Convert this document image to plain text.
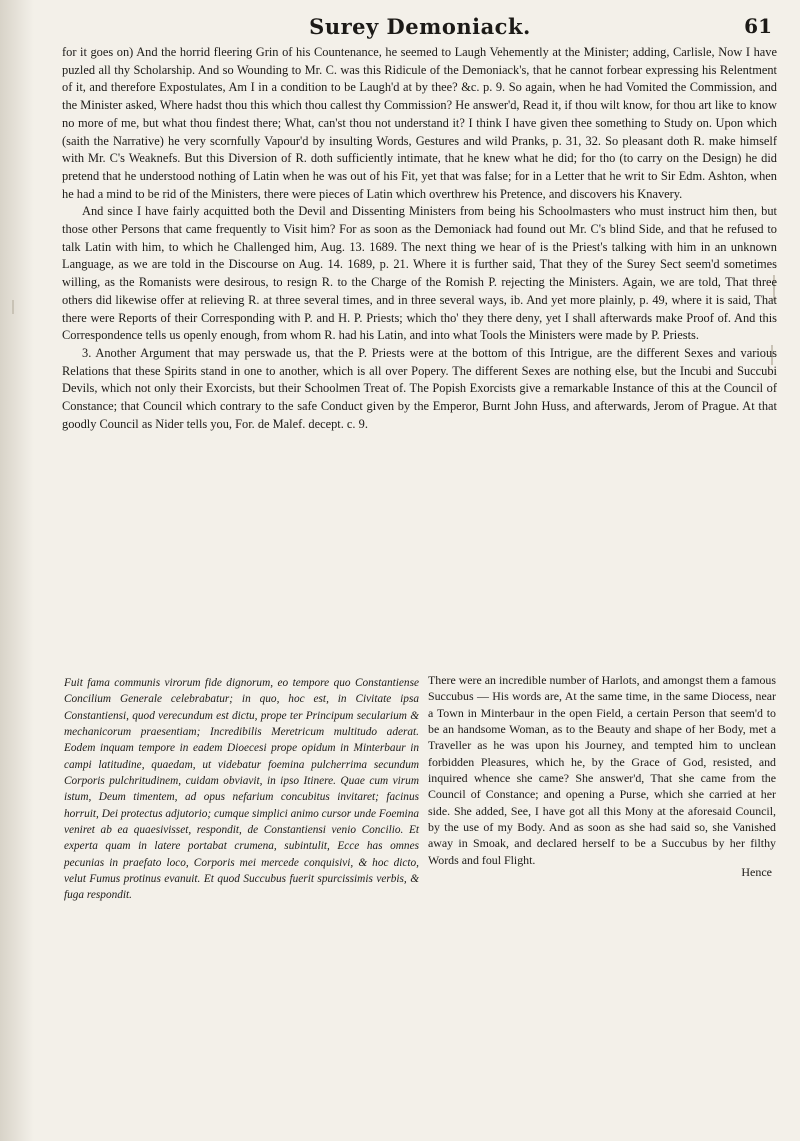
Surey Demoniack.	61

for it goes on) And the horrid fleering Grin of his Countenance, he seemed to Laugh Vehemently at the Minister; adding, Carlisle, Now I have puzled all thy Scholarship. And so Wounding to Mr. C. was this Ridicule of the Demoniack's, that he cannot forbear expressing his Relentment of it, and therefore Expostulates, Am I in a condition to be Laugh'd at by thee? &c. p. 9. So again, when he had Vomited the Commission, and the Minister asked, Where hadst thou this which thou callest thy Commission? He answer'd, Read it, if thou wilt know, for thou art like to know no more of me, but what thou findest there; What, can'st thou not understand it? I think I have given thee something to Study on. Upon which (saith the Narrative) he very scornfully Vapour'd by insulting Words, Gestures and wild Pranks, p. 31, 32. So pleasant doth R. make himself with Mr. C's Weaknefs. But this Diversion of R. doth sufficiently intimate, that he knew what he did; for tho (to carry on the Design) he did pretend that he understood nothing of Latin when he was out of his Fit, yet that was false; for in a Letter that he writ to Sir Edm. Ashton, when he had a mind to be rid of the Ministers, there were pieces of Latin which overthrew his Pretence, and discovers his Knavery.

And since I have fairly acquitted both the Devil and Dissenting Ministers from being his Schoolmasters who must instruct him then, but those other Persons that came frequently to Visit him? For as soon as the Demoniack had found out Mr. C's blind Side, and that he refused to talk Latin with him, to which he Challenged him, Aug. 13. 1689. The next thing we hear of is the Priest's talking with him in an unknown Language, as we are told in the Discourse on Aug. 14. 1689, p. 21. Where it is further said, That they of the Surey Sect seem'd sometimes willing, as the Romanists were desirous, to resign R. to the Charge of the Romish P. rejecting the Ministers. Again, we are told, That three others did likewise offer at relieving R. at three several times, and in three several ways, ib. And yet more plainly, p. 49, where it is said, That there were Reports of their Corresponding with P. and H. P. Priests; which tho' they there deny, yet I shall afterwards make Proof of. And this Correspondence tells us openly enough, from whom R. had his Latin, and into what Tools the Ministers were made by P. Priests.

3. Another Argument that may perswade us, that the P. Priests were at the bottom of this Intrigue, are the different Sexes and various Relations that these Spirits stand in one to another, which is all over Popery. The different Sexes are nothing else, but the Incubi and Succubi Devils, which not only their Exorcists, but their Schoolmen Treat of. The Popish Exorcists give a remarkable Instance of this at the Council of Constance; that Council which contrary to the safe Conduct given by the Emperor, Burnt John Huss, and afterwards, Jerom of Prague. At that goodly Council as Nider tells you, For. de Malef. decept. c. 9.

Fuit fama communis virorum fide dignorum, eo tempore quo Constantiense Concilium Generale celebrabatur; in quo, hoc est, in Civitate ipsa Constantiensi, quod verecundum est dictu, prope ter Principum secularium & mechanicorum praesentiam; Incredibilis Meretricum multitudo aderat. Eodem inquam tempore in eadem Dioecesi prope opidum in Minterbaur in campi latitudine, quaedam, ut videbatur foemina pulcherrima secundum Corporis pulchritudinem, cuidam obviavit, in ipso Itinere. Quae cum virum istum, Deum timentem, ad opus nefarium concubitus invitaret; facinus horruit, Dei protectus adjutorio; cumque simplici animo cursor unde Foemina veniret ab ea quaesivisset, respondit, de Constantiensi venio Concilio. Et experta quam in latere portabat crumena, subintulit, Ecce has omnes pecunias in praefato loco, Corporis mei mercede conquisivi, & hoc dicto, velut Fumus protinus evanuit. Et quod Succubus fuerit spurcissimis verbis, & fuga respondit.

There were an incredible number of Harlots, and amongst them a famous Succubus — His words are, At the same time, in the same Diocess, near a Town in Minterbaur in the open Field, a certain Person that seem'd to be an handsome Woman, as to the Beauty and shape of her Body, met a Traveller as he was upon his Journey, and tempted him to unclean forbidden Pleasures, which he, by the Grace of God, resisted, and inquired whence she came? She answer'd, That she came from the Council of Constance; and opening a Purse, which she carried at her side. She added, See, I have got all this Mony at the aforesaid Council, by the use of my Body. And as soon as she had said so, she Vanished away in Smoak, and declared herself to be a Succubus by her filthy Words and foul Flight.

Hence
